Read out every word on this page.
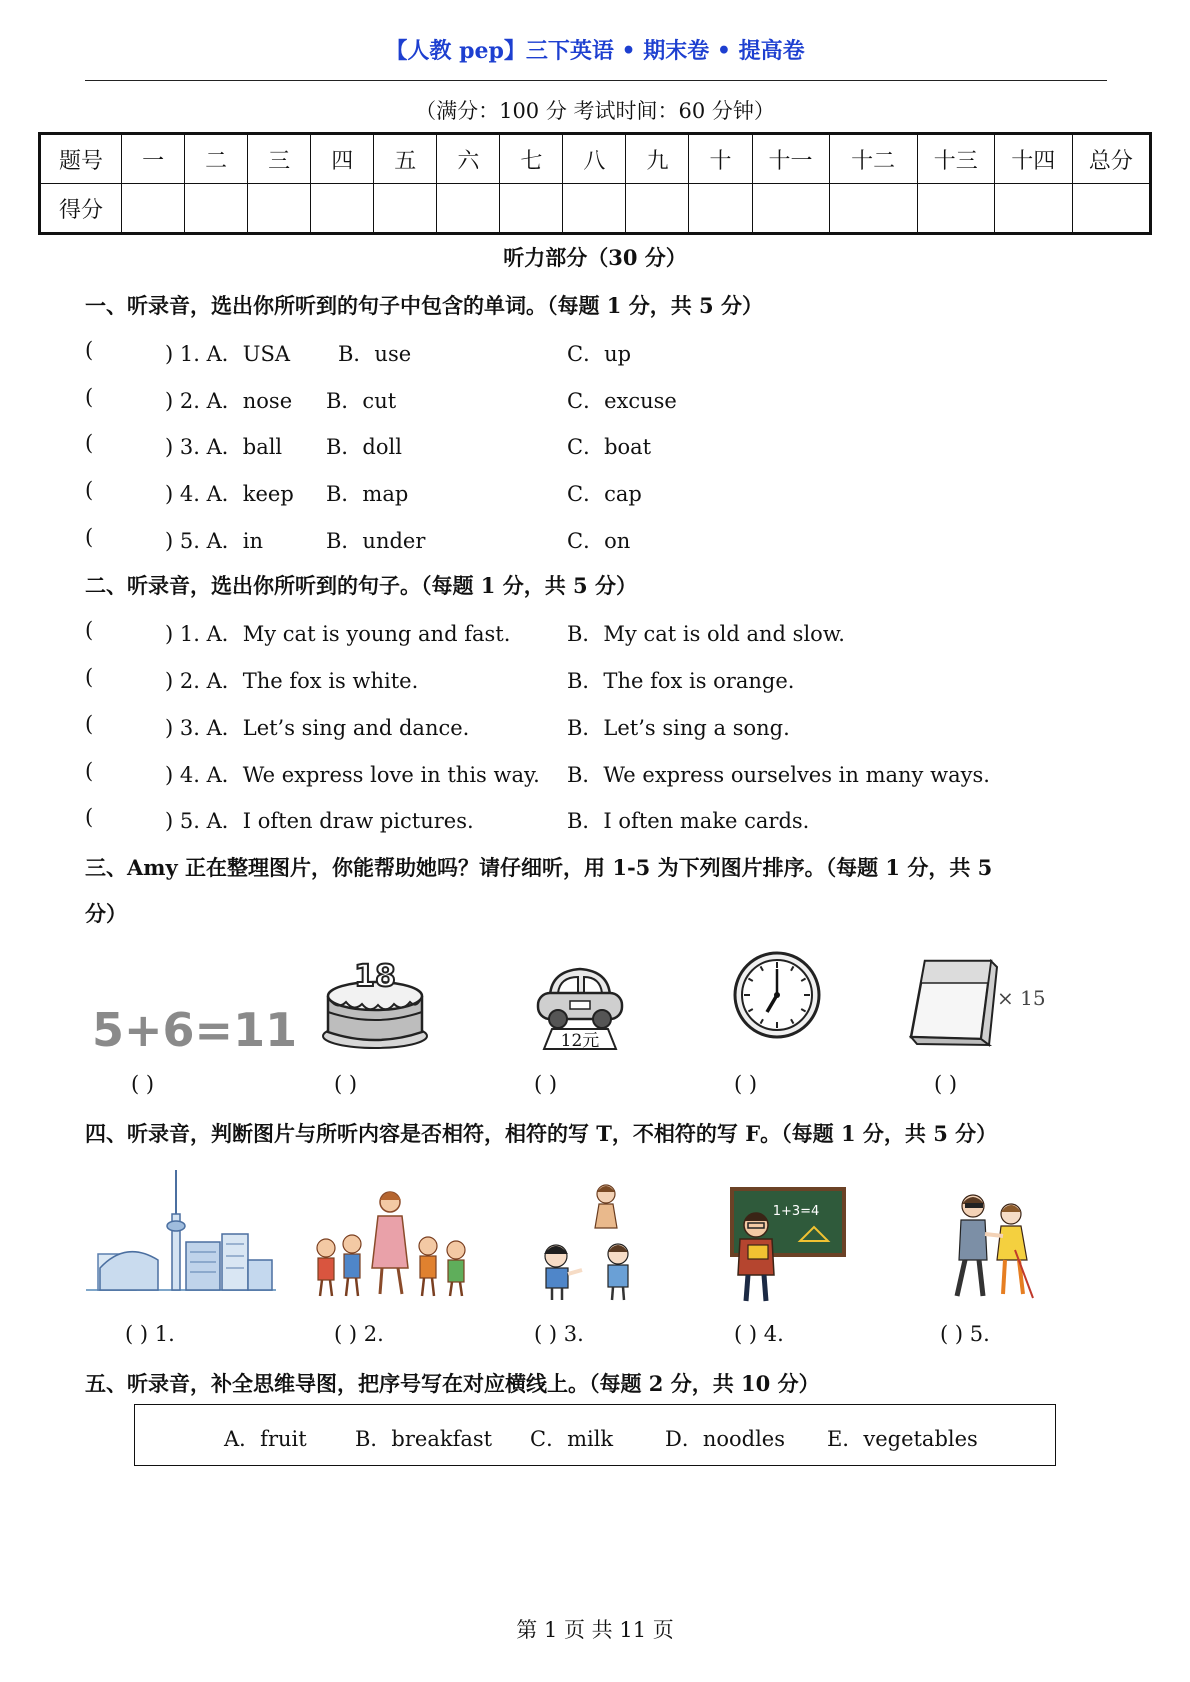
【人教 pep】三下英语 • 期末卷 • 提高卷
（满分：100 分 考试时间：60 分钟）
题号	一	二	三	四	五	六	七	八	九	十	十一	十二	十三	十四	总分
得分															
听力部分（30 分）
一、听录音，选出你所听到的句子中包含的单词。（每题 1 分，共 5 分）
(	) 1. A．USA B．use	C．up
(	) 2. A．nose B．cut	C．excuse
(	) 3. A．ball B．doll	C．boat
(	) 4. A．keep B．map	C．cap
(	) 5. A．in	B．under	C．on
二、听录音，选出你所听到的句子。（每题 1 分，共 5 分）
(	) 1. A．My cat is young and fast.	B．My cat is old and slow.
(	) 2. A．The fox is white.	B．The fox is orange.
(	) 3. A．Let’s sing and dance.	B．Let’s sing a song.
(	) 4. A．We express love in this way. B．We express ourselves in many ways.
(	) 5. A．I often draw pictures.	B．I often make cards.
三、Amy 正在整理图片，你能帮助她吗？请仔细听，用 1-5 为下列图片排序。（每题 1 分，共 5
分）
5+6=11
18
12元
× 15
( )	( )	( )	( )	( )
四、听录音，判断图片与所听内容是否相符，相符的写 T，不相符的写 F。（每题 1 分，共 5 分）
1+3=4
( ) 1.	( ) 2.	( ) 3.	( ) 4.	( ) 5.
五、听录音，补全思维导图，把序号写在对应横线上。（每题 2 分，共 10 分）
A．fruit B．breakfast C．milk D．noodles E．vegetables
第 1 页 共 11 页
